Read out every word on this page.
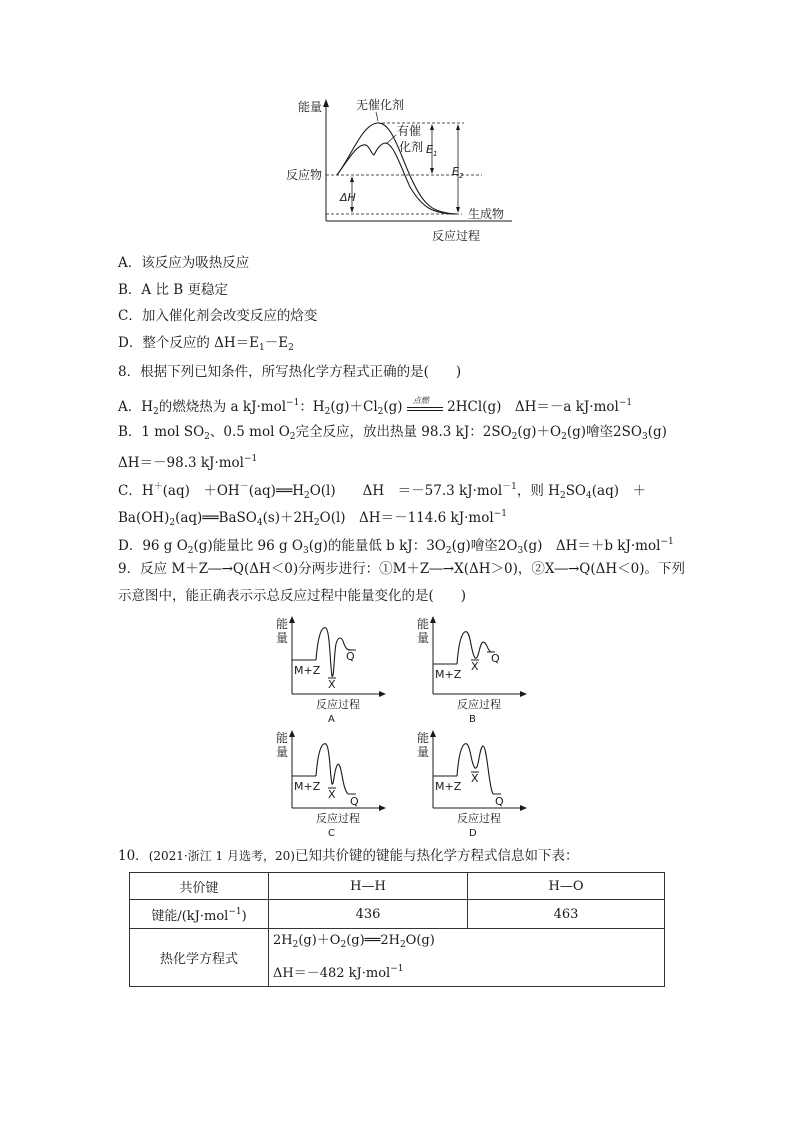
能量	无催化剂
有催
化剂
反应物
生成物
ΔH
$E_1$
$E_2$
反应过程
A．该反应为吸热反应
B．A 比 B 更稳定
C．加入催化剂会改变反应的焓变
D．整个反应的 $\Delta H=E_1-E_2$
8．根据下列已知条件，所写热化学方程式正确的是(　　)
A．$H_2$的燃烧热为 a kJ·mol$^{-1}$：$H_2(g)+Cl_2(g)$ 点燃 2HCl(g)　ΔH＝－a kJ·mol$^{-1}$
B．1 mol $SO_2$、0.5 mol $O_2$完全反应，放出热量 98.3 kJ：$2SO_2(g)+O_2(g)$噲垐$2SO_3(g)$
ΔH＝－98.3 kJ·mol$^{-1}$
C．H＋(aq)　$+OH^-(aq)══H_2O(l)$　　ΔH　＝－57.3 kJ·mol$^{-1}$，则 $H_2SO_4(aq)$　＋
$Ba(OH)_2(aq)══BaSO_4(s)+2H_2O(l)$　ΔH＝－114.6 kJ·mol$^{-1}$
D．96 g $O_2(g)$能量比 96 g $O_3(g)$的能量低 b kJ：$3O_2(g)$噲垐$2O_3(g)$　ΔH＝＋b kJ·mol$^{-1}$
9．反应 M＋Z―→Q(ΔH＜0)分两步进行：①M＋Z―→X(ΔH＞0)，②X―→Q(ΔH＜0)。下列
示意图中，能正确表示示总反应过程中能量变化的是(　　)
能
量
M+Z
X
Q
反应过程
A
能
量
M+Z
X
Q
反应过程
B
能
量
M+Z
X
Q
反应过程
C
能
量
M+Z
X
Q
反应过程
D
10．(2021·浙江 1 月选考，20)已知共价键的键能与热化学方程式信息如下表：
共价键	H—H	H—O
键能/(kJ·mol$^{-1}$)	436	463
热化学方程式	$2H_2(g)+O_2(g)══2H_2O(g)$
ΔH＝－482 kJ·mol$^{-1}$
